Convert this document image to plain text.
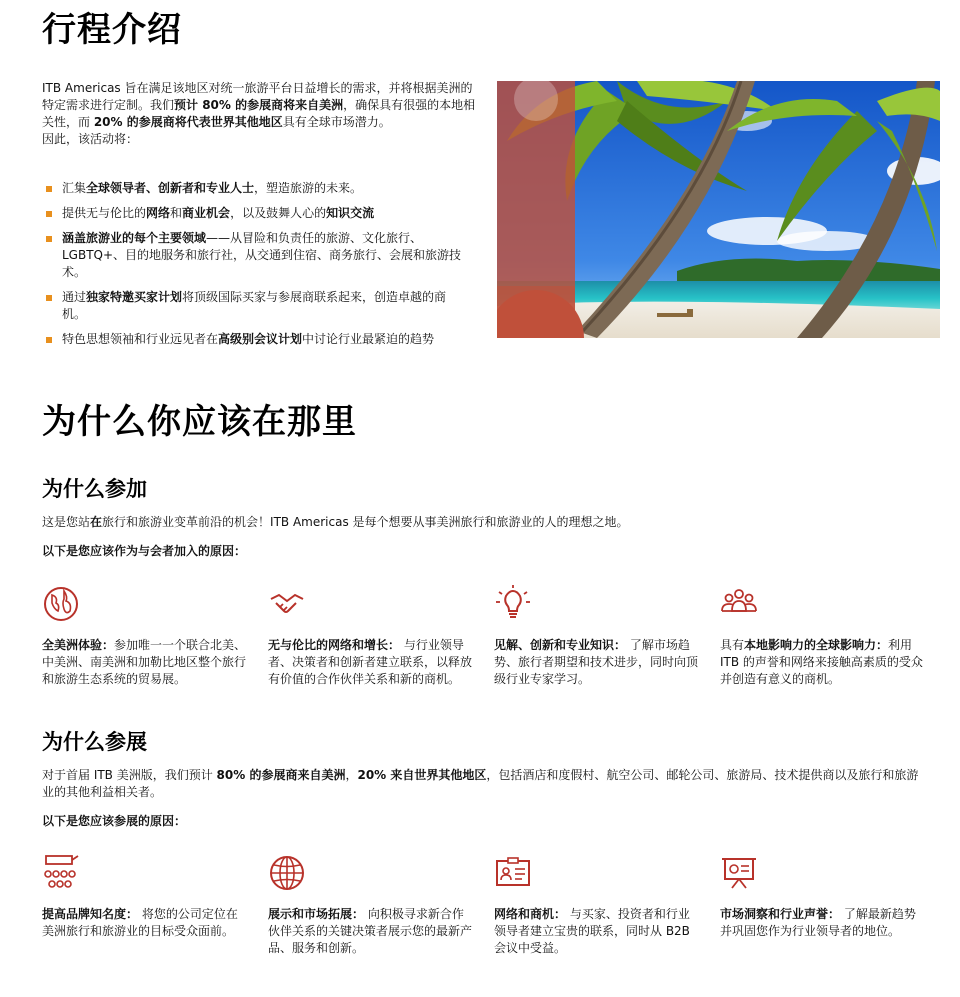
行程介绍
ITB Americas 旨在满足该地区对统一旅游平台日益增长的需求，并将根据美洲的特定需求进行定制。我们预计 80% 的参展商将来自美洲，确保具有很强的本地相关性，而 20% 的参展商将代表世界其他地区具有全球市场潜力。
因此，该活动将：
汇集全球领导者、创新者和专业人士，塑造旅游的未来。
提供无与伦比的网络和商业机会，以及鼓舞人心的知识交流
涵盖旅游业的每个主要领域——从冒险和负责任的旅游、文化旅行、LGBTQ+、目的地服务和旅行社，从交通到住宿、商务旅行、会展和旅游技术。
通过独家特邀买家计划将顶级国际买家与参展商联系起来，创造卓越的商机。
特色思想领袖和行业远见者在高级别会议计划中讨论行业最紧迫的趋势
为什么你应该在那里
为什么参加
这是您站在旅行和旅游业变革前沿的机会！ITB Americas 是每个想要从事美洲旅行和旅游业的人的理想之地。
以下是您应该作为与会者加入的原因：
全美洲体验：参加唯一一个联合北美、中美洲、南美洲和加勒比地区整个旅行和旅游生态系统的贸易展。
无与伦比的网络和增长： 与行业领导者、决策者和创新者建立联系，以释放有价值的合作伙伴关系和新的商机。
见解、创新和专业知识： 了解市场趋势、旅行者期望和技术进步，同时向顶级行业专家学习。
具有本地影响力的全球影响力：利用 ITB 的声誉和网络来接触高素质的受众并创造有意义的商机。
为什么参展
对于首届 ITB 美洲版，我们预计 80% 的参展商来自美洲，20% 来自世界其他地区，包括酒店和度假村、航空公司、邮轮公司、旅游局、技术提供商以及旅行和旅游业的其他利益相关者。
以下是您应该参展的原因：
提高品牌知名度： 将您的公司定位在美洲旅行和旅游业的目标受众面前。
展示和市场拓展： 向积极寻求新合作伙伴关系的关键决策者展示您的最新产品、服务和创新。
网络和商机： 与买家、投资者和行业领导者建立宝贵的联系，同时从 B2B 会议中受益。
市场洞察和行业声誉： 了解最新趋势并巩固您作为行业领导者的地位。
